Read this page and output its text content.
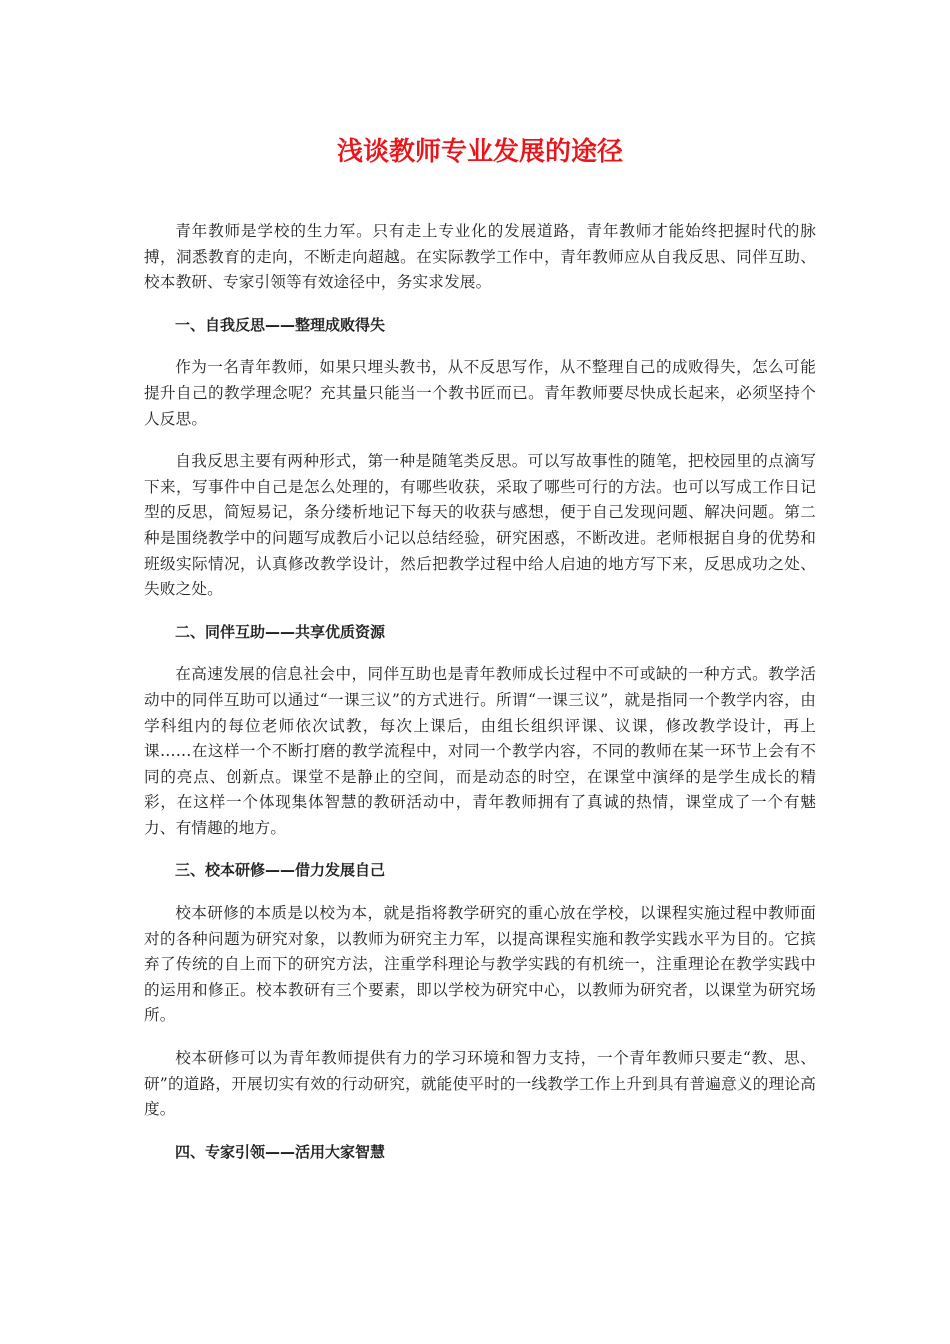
浅谈教师专业发展的途径

青年教师是学校的生力军。只有走上专业化的发展道路，青年教师才能始终把握时代的脉搏，洞悉教育的走向，不断走向超越。在实际教学工作中，青年教师应从自我反思、同伴互助、校本教研、专家引领等有效途径中，务实求发展。

一、自我反思——整理成败得失

作为一名青年教师，如果只埋头教书，从不反思写作，从不整理自己的成败得失，怎么可能提升自己的教学理念呢？充其量只能当一个教书匠而已。青年教师要尽快成长起来，必须坚持个人反思。

自我反思主要有两种形式，第一种是随笔类反思。可以写故事性的随笔，把校园里的点滴写下来，写事件中自己是怎么处理的，有哪些收获，采取了哪些可行的方法。也可以写成工作日记型的反思，简短易记，条分缕析地记下每天的收获与感想，便于自己发现问题、解决问题。第二种是围绕教学中的问题写成教后小记以总结经验，研究困惑，不断改进。老师根据自身的优势和班级实际情况，认真修改教学设计，然后把教学过程中给人启迪的地方写下来，反思成功之处、失败之处。

二、同伴互助——共享优质资源

在高速发展的信息社会中，同伴互助也是青年教师成长过程中不可或缺的一种方式。教学活动中的同伴互助可以通过“一课三议”的方式进行。所谓“一课三议”，就是指同一个教学内容，由学科组内的每位老师依次试教，每次上课后，由组长组织评课、议课，修改教学设计，再上课……在这样一个不断打磨的教学流程中，对同一个教学内容，不同的教师在某一环节上会有不同的亮点、创新点。课堂不是静止的空间，而是动态的时空，在课堂中演绎的是学生成长的精彩，在这样一个体现集体智慧的教研活动中，青年教师拥有了真诚的热情，课堂成了一个有魅力、有情趣的地方。

三、校本研修——借力发展自己

校本研修的本质是以校为本，就是指将教学研究的重心放在学校，以课程实施过程中教师面对的各种问题为研究对象，以教师为研究主力军，以提高课程实施和教学实践水平为目的。它摈弃了传统的自上而下的研究方法，注重学科理论与教学实践的有机统一，注重理论在教学实践中的运用和修正。校本教研有三个要素，即以学校为研究中心，以教师为研究者，以课堂为研究场所。

校本研修可以为青年教师提供有力的学习环境和智力支持，一个青年教师只要走“教、思、研”的道路，开展切实有效的行动研究，就能使平时的一线教学工作上升到具有普遍意义的理论高度。

四、专家引领——活用大家智慧
